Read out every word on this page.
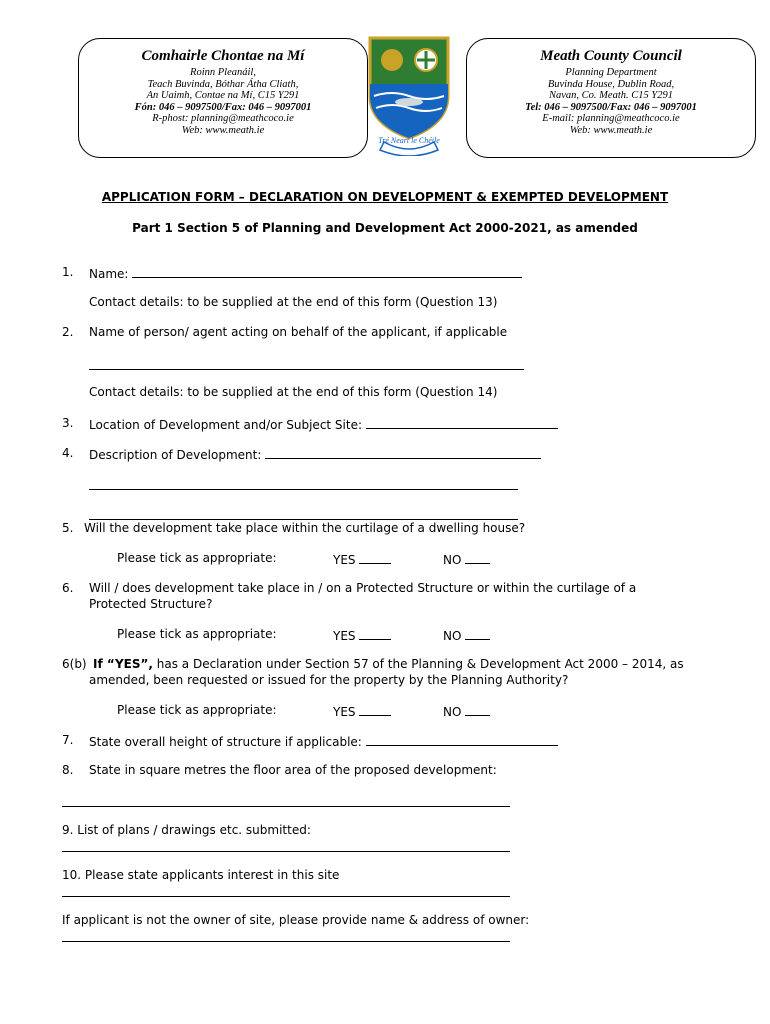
Comhairle Chontae na Mí
Roinn Pleanáil,
Teach Buvinda, Bóthar Átha Cliath,
An Uaimh, Contae na Mí, C15 Y291
Fón: 046 – 9097500/Fax: 046 – 9097001
R-phost: planning@meathcoco.ie
Web: www.meath.ie
Meath County Council
Planning Department
Buvinda House, Dublin Road,
Navan, Co. Meath. C15 Y291
Tel: 046 – 9097500/Fax: 046 – 9097001
E-mail: planning@meathcoco.ie
Web: www.meath.ie
Tré Neart le Chéile
APPLICATION FORM – DECLARATION ON DEVELOPMENT & EXEMPTED DEVELOPMENT
Part 1 Section 5 of Planning and Development Act 2000-2021, as amended
1. Name:
Contact details: to be supplied at the end of this form (Question 13)
2. Name of person/ agent acting on behalf of the applicant, if applicable
Contact details: to be supplied at the end of this form (Question 14)
3. Location of Development and/or Subject Site:
4. Description of Development:
5. Will the development take place within the curtilage of a dwelling house?
Please tick as appropriate:	YES	NO
6. Will / does development take place in / on a Protected Structure or within the curtilage of a
Protected Structure?
Please tick as appropriate:	YES	NO
6(b) If “YES”, has a Declaration under Section 57 of the Planning & Development Act 2000 – 2014, as
amended, been requested or issued for the property by the Planning Authority?
Please tick as appropriate:	YES	NO
7. State overall height of structure if applicable:
8. State in square metres the floor area of the proposed development:
9. List of plans / drawings etc. submitted:
10. Please state applicants interest in this site
If applicant is not the owner of site, please provide name & address of owner:
